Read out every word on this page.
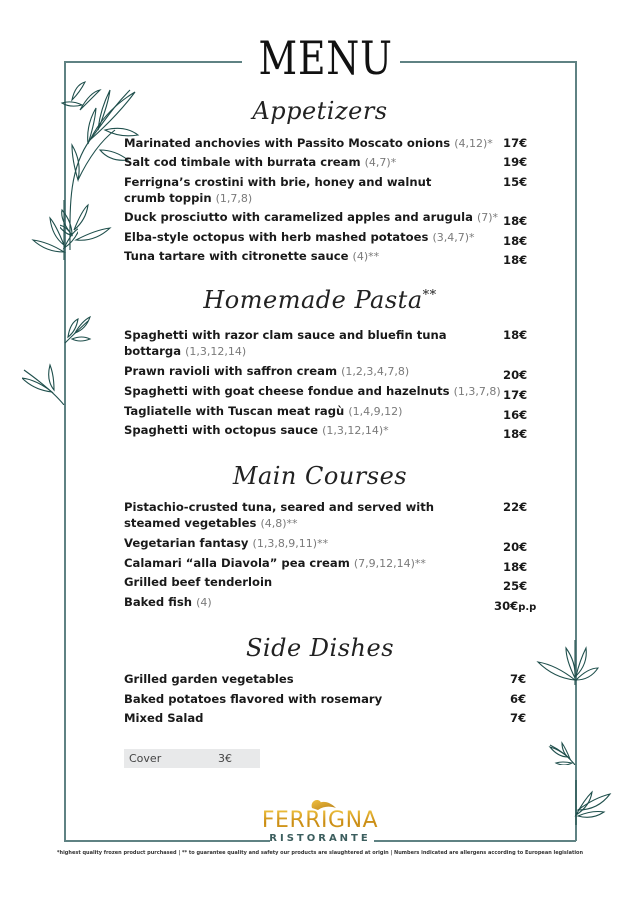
MENU
Appetizers
Marinated anchovies with Passito Moscato onions (4,12)* 17€
Salt cod timbale with burrata cream (4,7)*	19€
Ferrigna’s crostini with brie, honey and walnut crumb toppin (1,7,8)
15€
Duck prosciutto with caramelized apples and arugula (7)* 18€
Elba-style octopus with herb mashed potatoes (3,4,7)* 18€
Tuna tartare with citronette sauce (4)**	18€
Homemade Pasta**
Spaghetti with razor clam sauce and bluefin tuna bottarga (1,3,12,14)
18€
Prawn ravioli with saffron cream (1,2,3,4,7,8)	20€
Spaghetti with goat cheese fondue and hazelnuts (1,3,7,8) 17€
Tagliatelle with Tuscan meat ragù (1,4,9,12)	16€
Spaghetti with octopus sauce (1,3,12,14)*	18€
Main Courses
Pistachio-crusted tuna, seared and served with steamed vegetables (4,8)**
22€
Vegetarian fantasy (1,3,8,9,11)**	20€
Calamari “alla Diavola” pea cream (7,9,12,14)**	18€
Grilled beef tenderloin	25€
Baked fish (4)	30€p.p
Side Dishes
Grilled garden vegetables	7€
Baked potatoes flavored with rosemary	6€
Mixed Salad	7€
Cover	3€
FERRIGNA
RISTORANTE
*highest quality frozen product purchased | ** to guarantee quality and safety our products are slaughtered at origin | Numbers indicated are allergens according to European legislation
